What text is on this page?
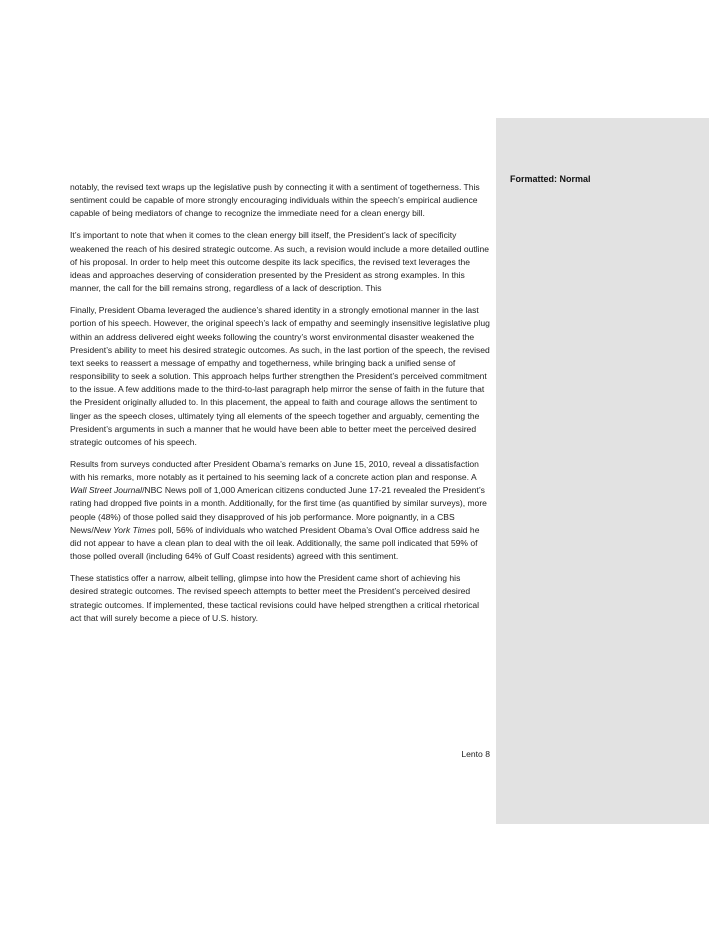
notably, the revised text wraps up the legislative push by connecting it with a sentiment of togetherness. This sentiment could be capable of more strongly encouraging individuals within the speech’s empirical audience capable of being mediators of change to recognize the immediate need for a clean energy bill.

It’s important to note that when it comes to the clean energy bill itself, the President’s lack of specificity weakened the reach of his desired strategic outcome. As such, a revision would include a more detailed outline of his proposal. In order to help meet this outcome despite its lack specifics, the revised text leverages the ideas and approaches deserving of consideration presented by the President as strong examples. In this manner, the call for the bill remains strong, regardless of a lack of description. This

Finally, President Obama leveraged the audience’s shared identity in a strongly emotional manner in the last portion of his speech. However, the original speech’s lack of empathy and seemingly insensitive legislative plug within an address delivered eight weeks following the country’s worst environmental disaster weakened the President’s ability to meet his desired strategic outcomes. As such, in the last portion of the speech, the revised text seeks to reassert a message of empathy and togetherness, while bringing back a unified sense of responsibility to seek a solution. This approach helps further strengthen the President’s perceived commitment to the issue. A few additions made to the third-to-last paragraph help mirror the sense of faith in the future that the President originally alluded to. In this placement, the appeal to faith and courage allows the sentiment to linger as the speech closes, ultimately tying all elements of the speech together and arguably, cementing the President’s arguments in such a manner that he would have been able to better meet the perceived desired strategic outcomes of his speech.

Results from surveys conducted after President Obama’s remarks on June 15, 2010, reveal a dissatisfaction with his remarks, more notably as it pertained to his seeming lack of a concrete action plan and response. A Wall Street Journal/NBC News poll of 1,000 American citizens conducted June 17-21 revealed the President’s rating had dropped five points in a month. Additionally, for the first time (as quantified by similar surveys), more people (48%) of those polled said they disapproved of his job performance. More poignantly, in a CBS News/New York Times poll, 56% of individuals who watched President Obama’s Oval Office address said he did not appear to have a clean plan to deal with the oil leak. Additionally, the same poll indicated that 59% of those polled overall (including 64% of Gulf Coast residents) agreed with this sentiment.

These statistics offer a narrow, albeit telling, glimpse into how the President came short of achieving his desired strategic outcomes. The revised speech attempts to better meet the President’s perceived desired strategic outcomes. If implemented, these tactical revisions could have helped strengthen a critical rhetorical act that will surely become a piece of U.S. history.

Lento 8
Formatted: Normal
